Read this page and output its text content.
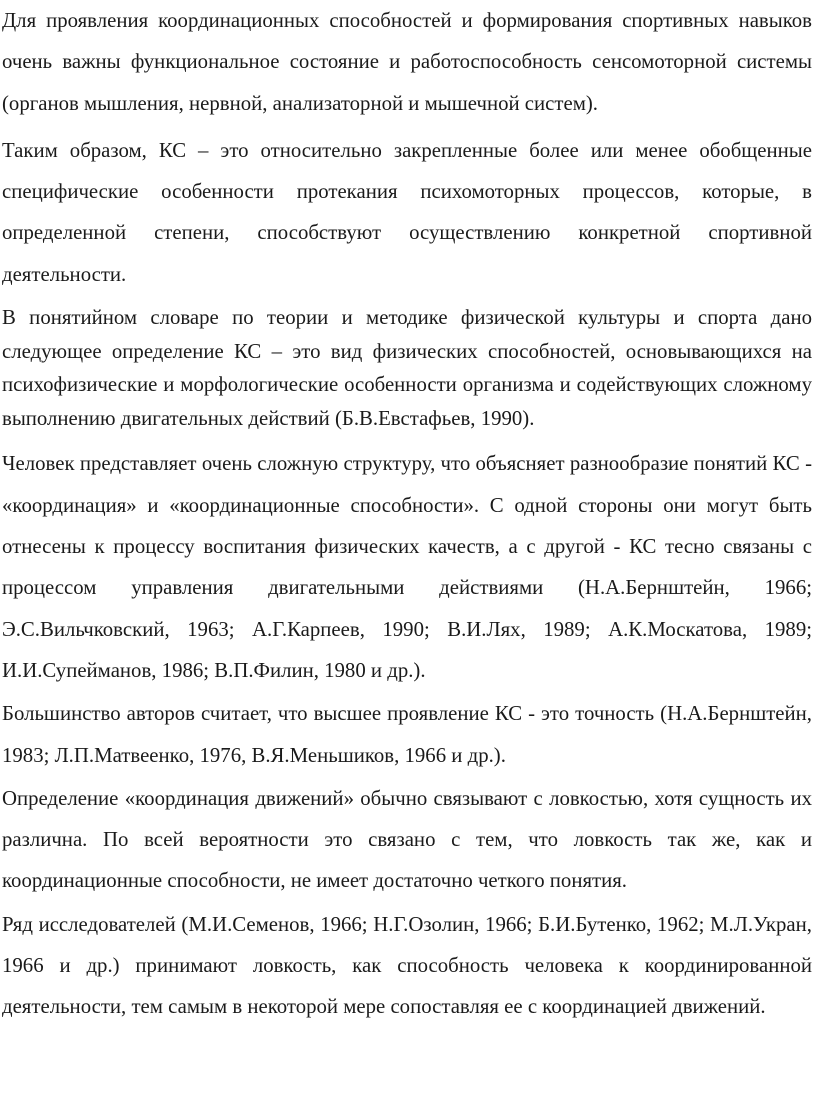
Для проявления координационных способностей и формирования спортивных навыков очень важны функциональное состояние и работоспособность сенсомоторной системы (органов мышления, нервной, анализаторной и мышечной систем).

Таким образом, КС – это относительно закрепленные более или менее обобщенные специфические особенности протекания психомоторных процессов, которые, в определенной степени, способствуют осуществлению конкретной спортивной деятельности.

В понятийном словаре по теории и методике физической культуры и спорта дано следующее определение КС – это вид физических способностей, основывающихся на психофизические и морфологические особенности организма и содействующих сложному выполнению двигательных действий (Б.В.Евстафьев, 1990).

Человек представляет очень сложную структуру, что объясняет разнообразие понятий КС - «координация» и «координационные способности». С одной стороны они могут быть отнесены к процессу воспитания физических качеств, а с другой - КС тесно связаны с процессом управления двигательными действиями (Н.А.Бернштейн, 1966; Э.С.Вильчковский, 1963; А.Г.Карпеев, 1990; В.И.Лях, 1989; А.К.Москатова, 1989; И.И.Супейманов, 1986; В.П.Филин, 1980 и др.).

Большинство авторов считает, что высшее проявление КС - это точность (Н.А.Бернштейн, 1983; Л.П.Матвеенко, 1976, В.Я.Меньшиков, 1966 и др.).

Определение «координация движений» обычно связывают с ловкостью, хотя сущность их различна. По всей вероятности это связано с тем, что ловкость так же, как и координационные способности, не имеет достаточно четкого понятия.

Ряд исследователей (М.И.Семенов, 1966; Н.Г.Озолин, 1966; Б.И.Бутенко, 1962; М.Л.Укран, 1966 и др.) принимают ловкость, как способность человека к координированной деятельности, тем самым в некоторой мере сопоставляя ее с координацией движений.
